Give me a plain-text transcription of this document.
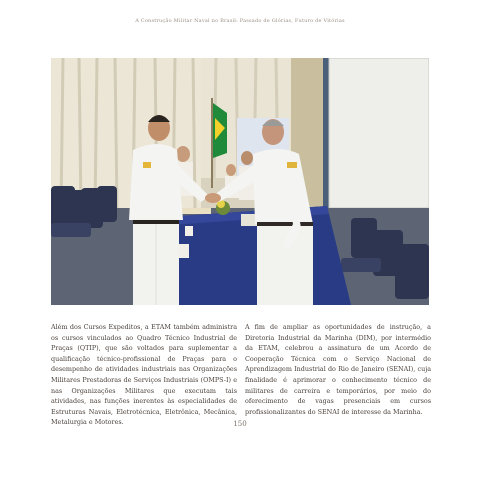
A Construção Militar Naval no Brasil: Passado de Glórias, Futuro de Vitórias
Além dos Cursos Expeditos, a ETAM também administra os cursos vinculados ao Quadro Técnico Industrial de Praças (QTIP), que são voltados para suplementar a qualificação técnico-profissional de Praças para o desempenho de atividades industriais nas Organizações Militares Prestadoras de Serviços Industriais (OMPS-I) e nas Organizações Militares que executam tais atividades, nas funções inerentes às especialidades de Estruturas Navais, Eletrotécnica, Eletrônica, Mecânica, Metalurgia e Motores.
A fim de ampliar as oportunidades de instrução, a Diretoria Industrial da Marinha (DIM), por intermédio da ETAM, celebrou a assinatura de um Acordo de Cooperação Técnica com o Serviço Nacional de Aprendizagem Industrial do Rio de Janeiro (SENAI), cuja finalidade é aprimorar o conhecimento técnico de militares de carreira e temporários, por meio do oferecimento de vagas presenciais em cursos profissionalizantes do SENAI de interesse da Marinha.
150
